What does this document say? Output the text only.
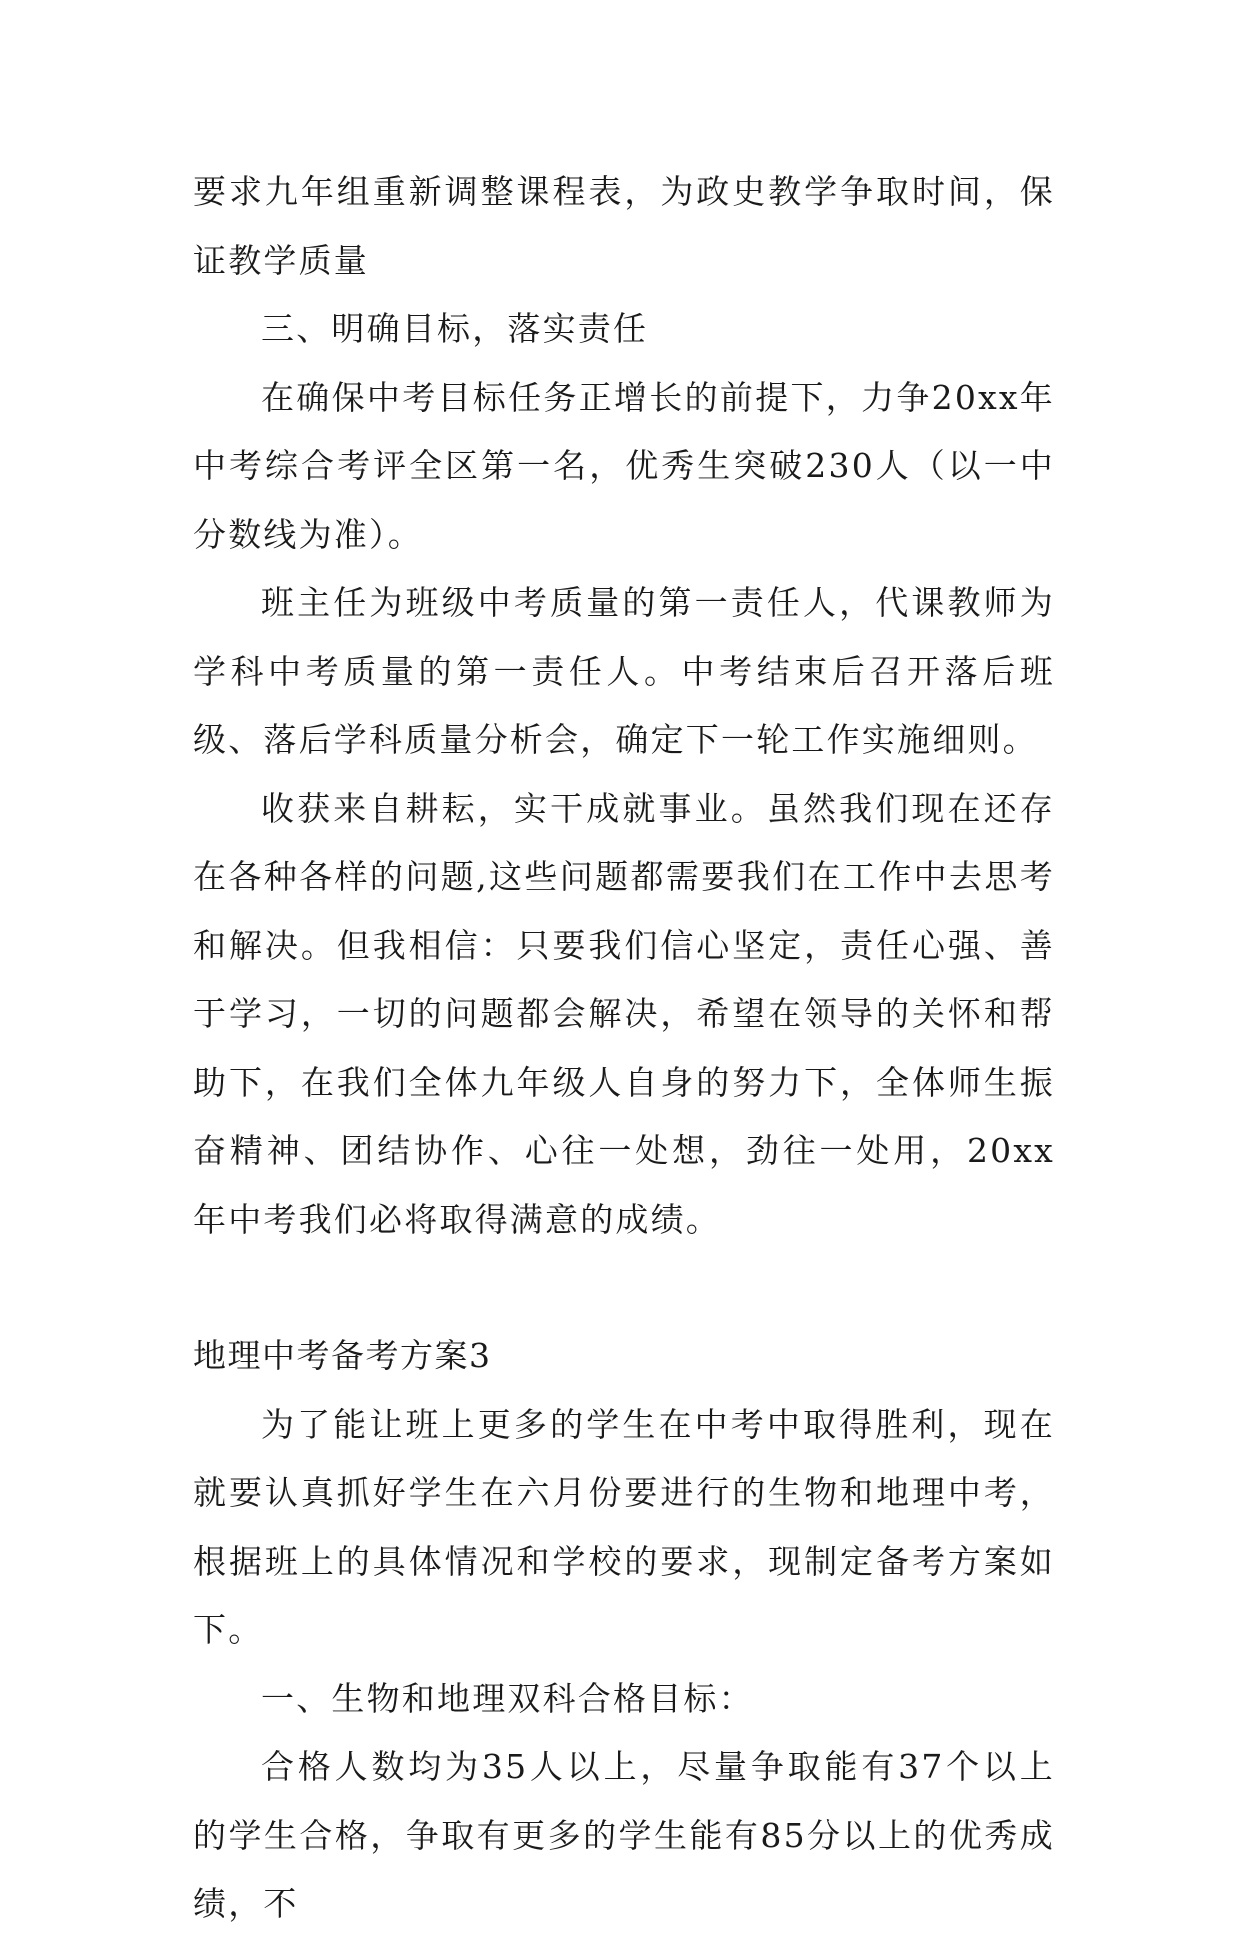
要求九年组重新调整课程表，为政史教学争取时间，保证教学质量

三、明确目标，落实责任

在确保中考目标任务正增长的前提下，力争20xx年中考综合考评全区第一名，优秀生突破230人（以一中分数线为准）。

班主任为班级中考质量的第一责任人，代课教师为学科中考质量的第一责任人。中考结束后召开落后班级、落后学科质量分析会，确定下一轮工作实施细则。

收获来自耕耘，实干成就事业。虽然我们现在还存在各种各样的问题,这些问题都需要我们在工作中去思考和解决。但我相信：只要我们信心坚定，责任心强、善于学习，一切的问题都会解决，希望在领导的关怀和帮助下，在我们全体九年级人自身的努力下，全体师生振奋精神、团结协作、心往一处想，劲往一处用，20xx年中考我们必将取得满意的成绩。

地理中考备考方案3

为了能让班上更多的学生在中考中取得胜利，现在就要认真抓好学生在六月份要进行的生物和地理中考，根据班上的具体情况和学校的要求，现制定备考方案如下。

一、生物和地理双科合格目标：

合格人数均为35人以上，尽量争取能有37个以上的学生合格，争取有更多的学生能有85分以上的优秀成绩，不
